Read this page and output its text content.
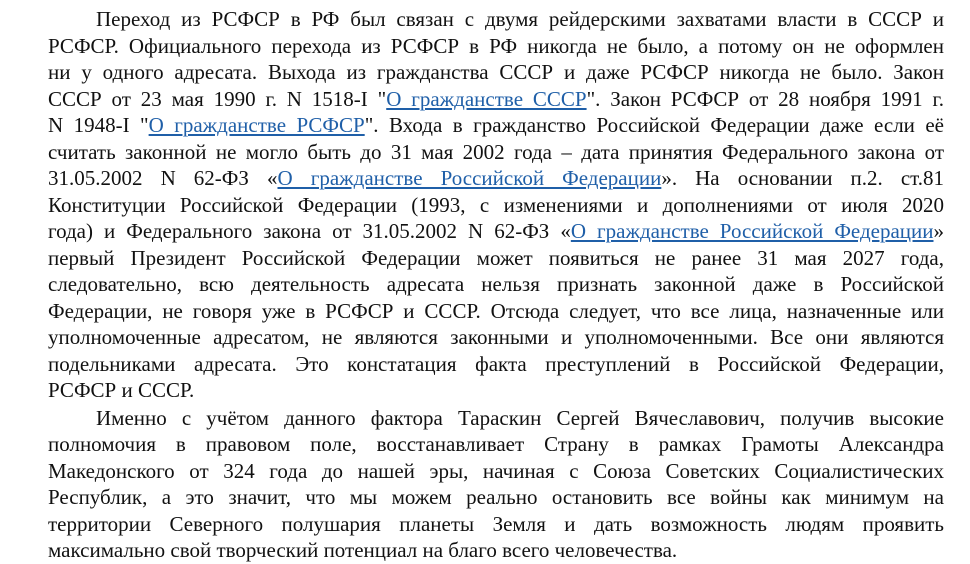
Переход из РСФСР в РФ был связан с двумя рейдерскими захватами власти в СССР и
РСФСР. Официального перехода из РСФСР в РФ никогда не было, а потому он не оформлен
ни у одного адресата. Выхода из гражданства СССР и даже РСФСР никогда не было. Закон
СССР от 23 мая 1990 г. N 1518-I "О гражданстве СССР". Закон РСФСР от 28 ноября 1991 г.
N 1948-I "О гражданстве РСФСР". Входа в гражданство Российской Федерации даже если её
считать законной не могло быть до 31 мая 2002 года – дата принятия Федерального закона от
31.05.2002 N 62-ФЗ «О гражданстве Российской Федерации». На основании п.2. ст.81
Конституции Российской Федерации (1993, с изменениями и дополнениями от июля 2020
года) и Федерального закона от 31.05.2002 N 62-ФЗ «О гражданстве Российской Федерации»
первый Президент Российской Федерации может появиться не ранее 31 мая 2027 года,
следовательно, всю деятельность адресата нельзя признать законной даже в Российской
Федерации, не говоря уже в РСФСР и СССР. Отсюда следует, что все лица, назначенные или
уполномоченные адресатом, не являются законными и уполномоченными. Все они являются
подельниками адресата. Это констатация факта преступлений в Российской Федерации,
РСФСР и СССР.
Именно с учётом данного фактора Тараскин Сергей Вячеславович, получив высокие
полномочия в правовом поле, восстанавливает Страну в рамках Грамоты Александра
Македонского от 324 года до нашей эры, начиная с Союза Советских Социалистических
Республик, а это значит, что мы можем реально остановить все войны как минимум на
территории Северного полушария планеты Земля и дать возможность людям проявить
максимально свой творческий потенциал на благо всего человечества.
